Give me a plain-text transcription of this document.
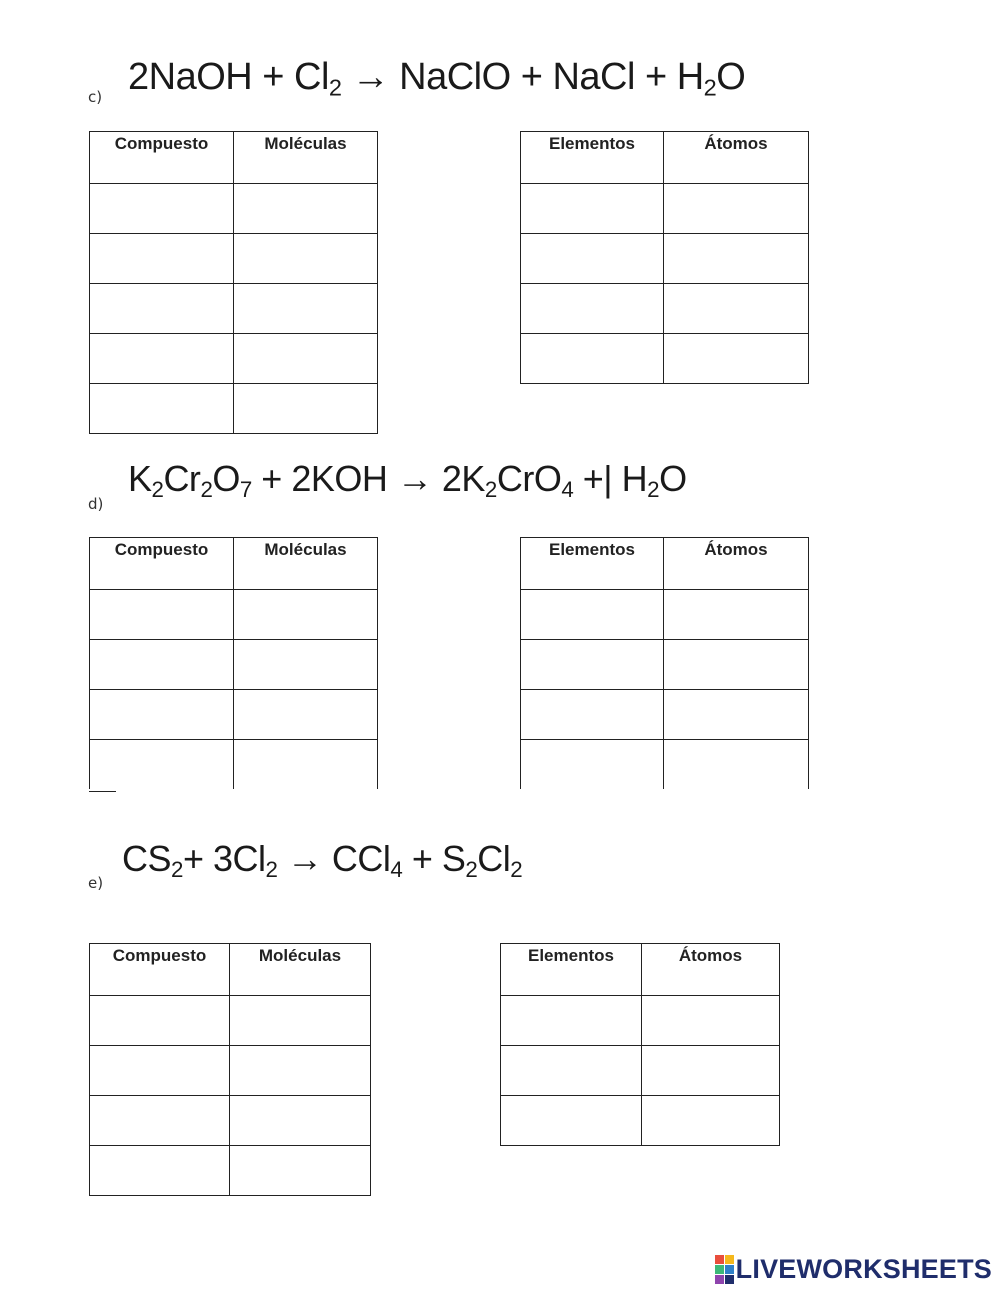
c) 2NaOH + $Cl_2$ → NaClO + NaCl + $H_2O$
Compuesto	Moléculas

		Elementos	Átomos

d)
$K_2Cr_2O_7 + 2KOH \to 2K_2CrO_4$ +| $H_2O$
Compuesto	Moléculas

		Elementos	Átomos

e)
$CS_2+ 3Cl_2 \to CCl_4 + S_2Cl_2$
Compuesto	Moléculas

		Elementos	Átomos

LIVEWORKSHEETS
